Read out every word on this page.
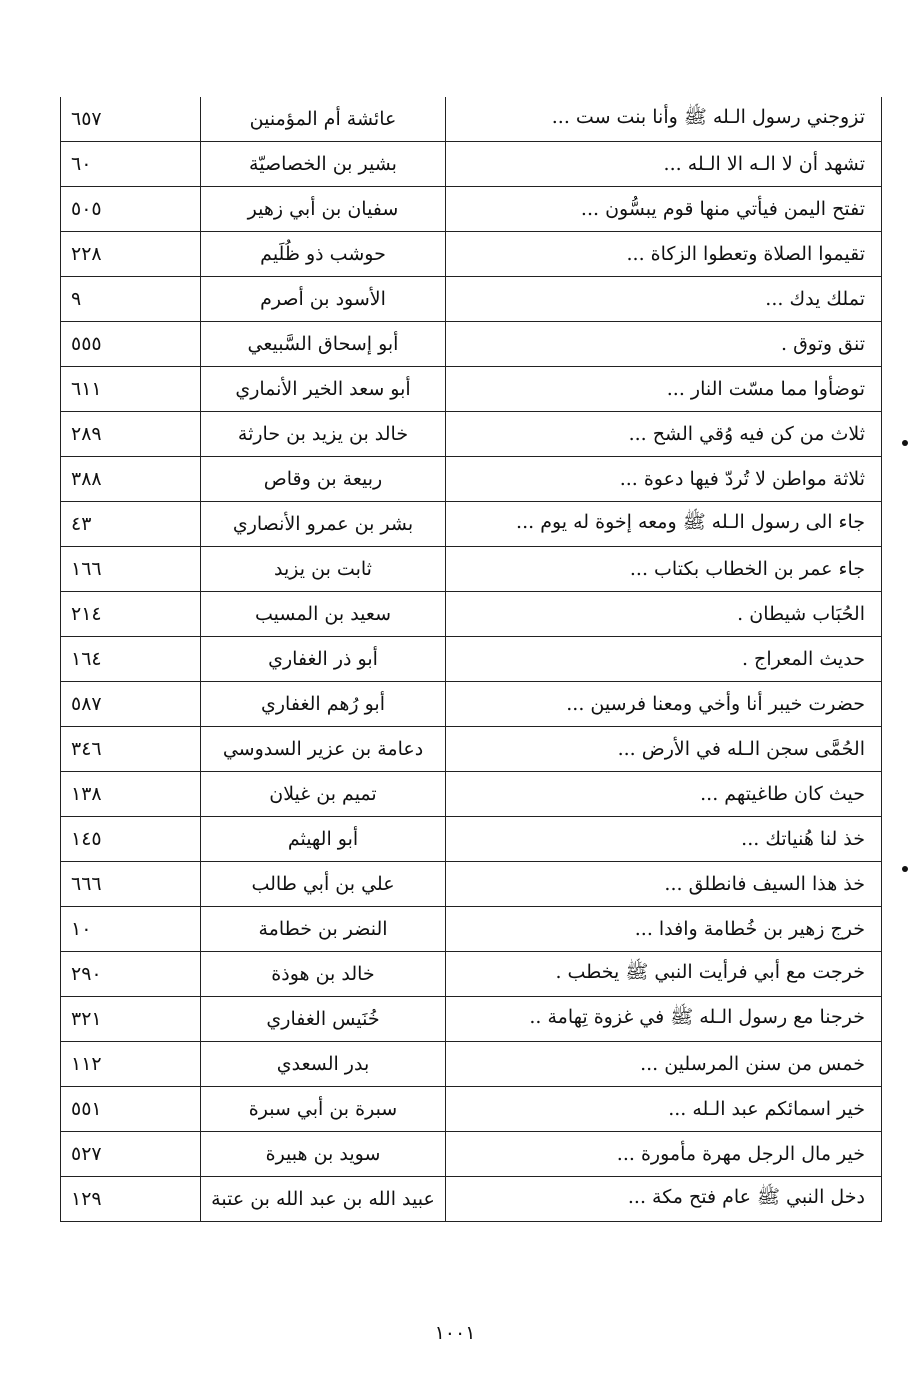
تزوجني رسول الـله ﷺ وأنا بنت ست ...	عائشة أم المؤمنين	٦٥٧
تشهد أن لا الـه الا الـله ...	بشير بن الخصاصيّة	٦٠
تفتح اليمن فيأتي منها قوم يبسُّون ...	سفيان بن أبي زهير	٥٠٥
تقيموا الصلاة وتعطوا الزكاة ...	حوشب ذو ظُلَيم	٢٢٨
تملك يدك ...	الأسود بن أصرم	٩
تنق وتوق .	أبو إسحاق السَّبيعي	٥٥٥
توضأوا مما مسّت النار ...	أبو سعد الخير الأنماري	٦١١
ثلاث من كن فيه وُقي الشح ...	خالد بن يزيد بن حارثة	٢٨٩
ثلاثة مواطن لا تُردّ فيها دعوة ...	ربيعة بن وقاص	٣٨٨
جاء الى رسول الـله ﷺ ومعه إخوة له يوم ...	بشر بن عمرو الأنصاري	٤٣
جاء عمر بن الخطاب بكتاب ...	ثابت بن يزيد	١٦٦
الحُبَاب شيطان .	سعيد بن المسيب	٢١٤
حديث المعراج .	أبو ذر الغفاري	١٦٤
حضرت خيبر أنا وأخي ومعنا فرسين ...	أبو رُهم الغفاري	٥٨٧
الحُمَّى سجن الـله في الأرض ...	دعامة بن عزير السدوسي	٣٤٦
حيث كان طاغيتهم ...	تميم بن غيلان	١٣٨
خذ لنا هُنياتك ...	أبو الهيثم	١٤٥
خذ هذا السيف فانطلق ...	علي بن أبي طالب	٦٦٦
خرج زهير بن خُطامة وافدا ...	النضر بن خطامة	١٠
خرجت مع أبي فرأيت النبي ﷺ يخطب .	خالد بن هوذة	٢٩٠
خرجنا مع رسول الـله ﷺ في غزوة تِهامة ..	خُنَيس الغفاري	٣٢١
خمس من سنن المرسلين ...	بدر السعدي	١١٢
خير اسمائكم عبد الـله ...	سبرة بن أبي سبرة	٥٥١
خير مال الرجل مهرة مأمورة ...	سويد بن هبيرة	٥٢٧
دخل النبي ﷺ عام فتح مكة ...	عبيد الله بن عبد الله بن عتبة	١٢٩
١٠٠١
